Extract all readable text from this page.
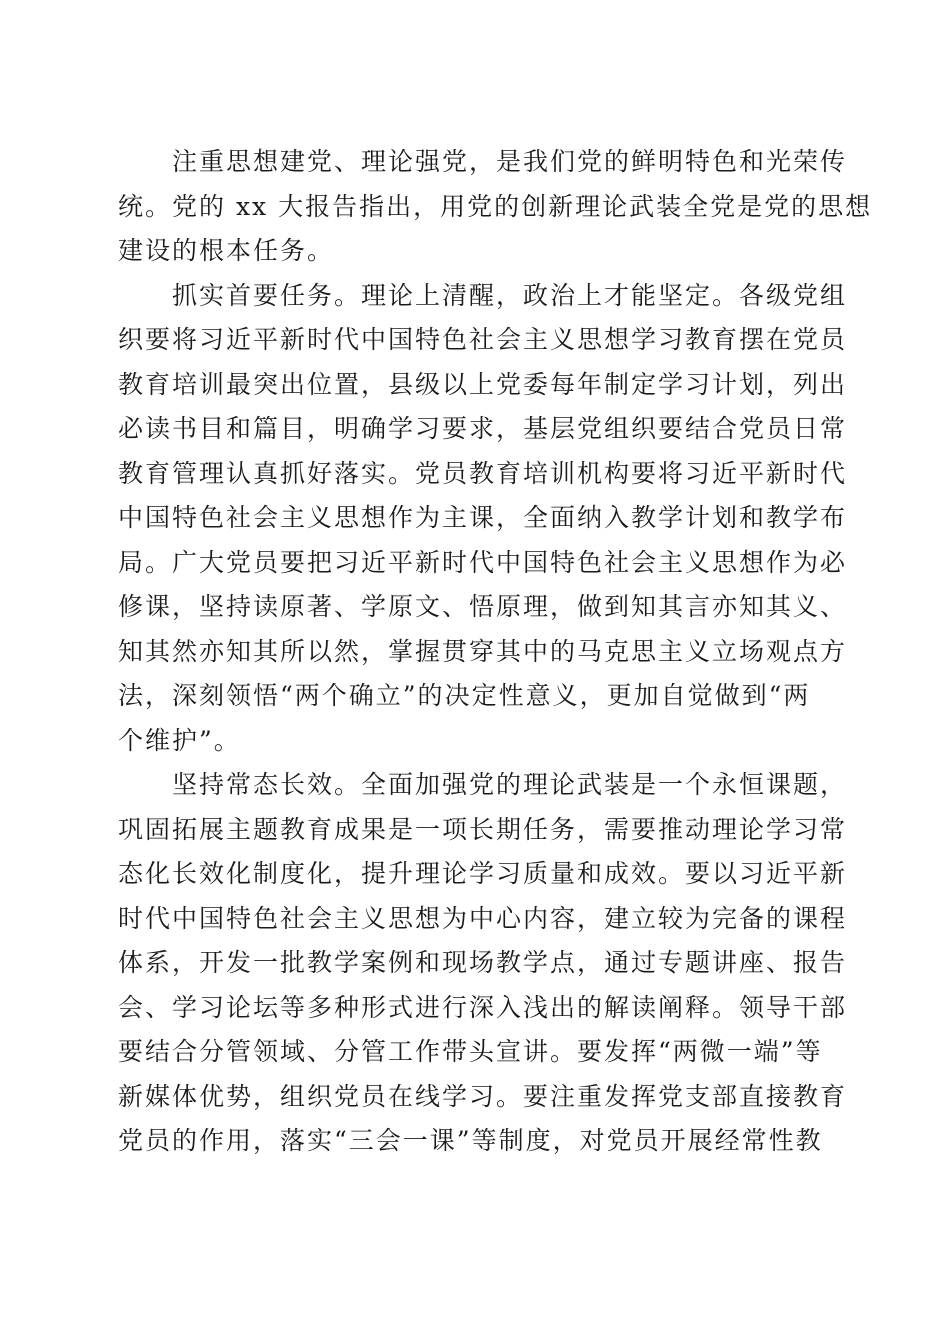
注重思想建党、理论强党，是我们党的鲜明特色和光荣传
统。党的 xx 大报告指出，用党的创新理论武装全党是党的思想
建设的根本任务。
抓实首要任务。理论上清醒，政治上才能坚定。各级党组
织要将习近平新时代中国特色社会主义思想学习教育摆在党员
教育培训最突出位置，县级以上党委每年制定学习计划，列出
必读书目和篇目，明确学习要求，基层党组织要结合党员日常
教育管理认真抓好落实。党员教育培训机构要将习近平新时代
中国特色社会主义思想作为主课，全面纳入教学计划和教学布
局。广大党员要把习近平新时代中国特色社会主义思想作为必
修课，坚持读原著、学原文、悟原理，做到知其言亦知其义、
知其然亦知其所以然，掌握贯穿其中的马克思主义立场观点方
法，深刻领悟“两个确立”的决定性意义，更加自觉做到“两
个维护”。
坚持常态长效。全面加强党的理论武装是一个永恒课题，
巩固拓展主题教育成果是一项长期任务，需要推动理论学习常
态化长效化制度化，提升理论学习质量和成效。要以习近平新
时代中国特色社会主义思想为中心内容，建立较为完备的课程
体系，开发一批教学案例和现场教学点，通过专题讲座、报告
会、学习论坛等多种形式进行深入浅出的解读阐释。领导干部
要结合分管领域、分管工作带头宣讲。要发挥“两微一端”等
新媒体优势，组织党员在线学习。要注重发挥党支部直接教育
党员的作用，落实“三会一课”等制度，对党员开展经常性教
